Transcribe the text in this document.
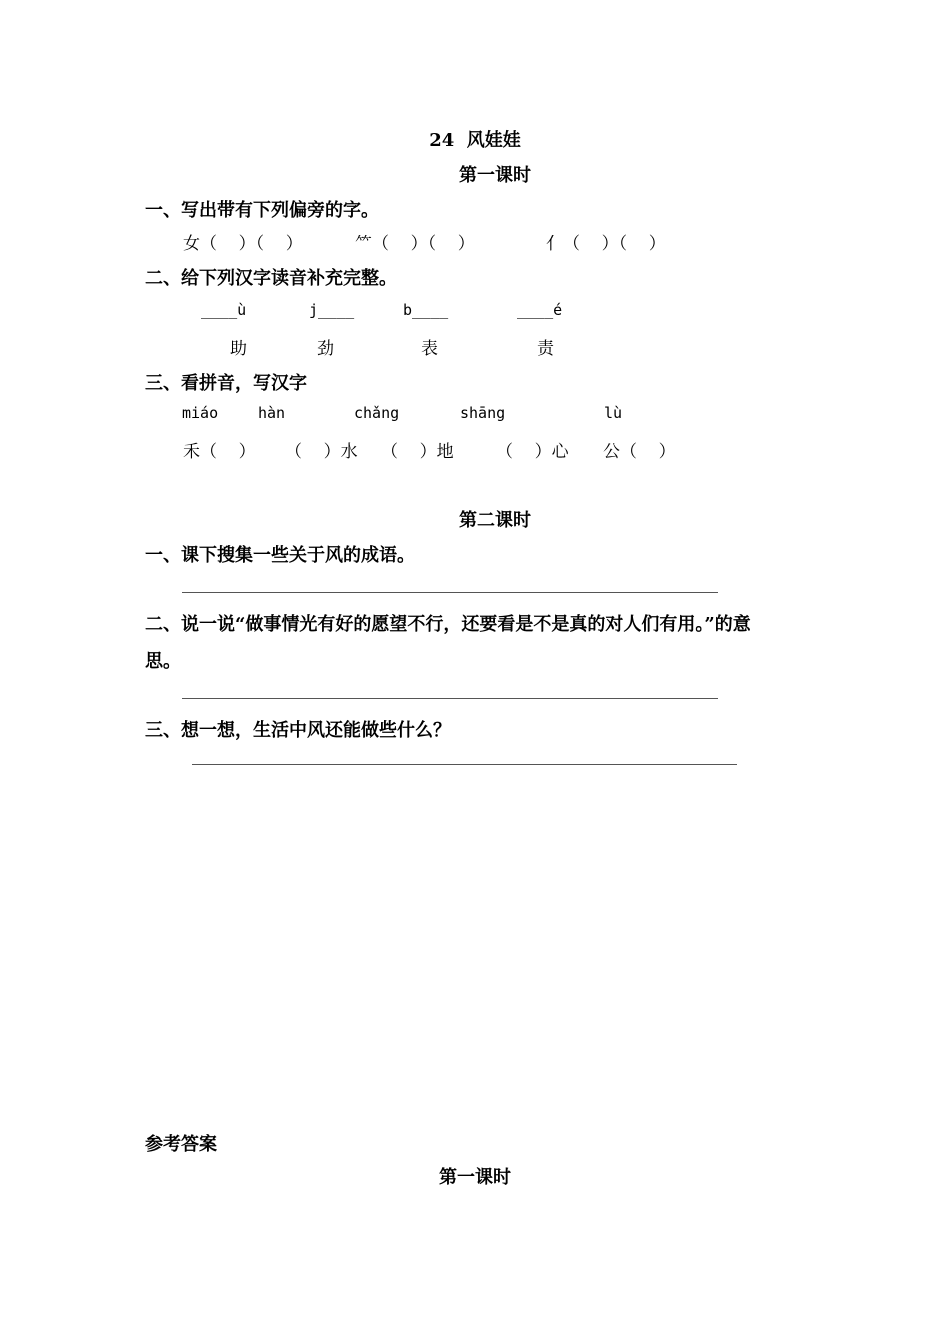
24  风娃娃
第一课时
一、写出带有下列偏旁的字。
女（    ）（    ）	⺮（    ）（    ）	亻（    ）（    ）
二、给下列汉字读音补充完整。
____ù	j____	b____	____é
助	劲	表	责
三、看拼音，写汉字
miáo	hàn	chǎng	shāng	lù
禾（    ） （    ）水 （    ）地 （    ）心 公（    ）
第二课时
一、课下搜集一些关于风的成语。
二、说一说“做事情光有好的愿望不行，还要看是不是真的对人们有用。”的意
思。
三、想一想，生活中风还能做些什么？
参考答案
第一课时
